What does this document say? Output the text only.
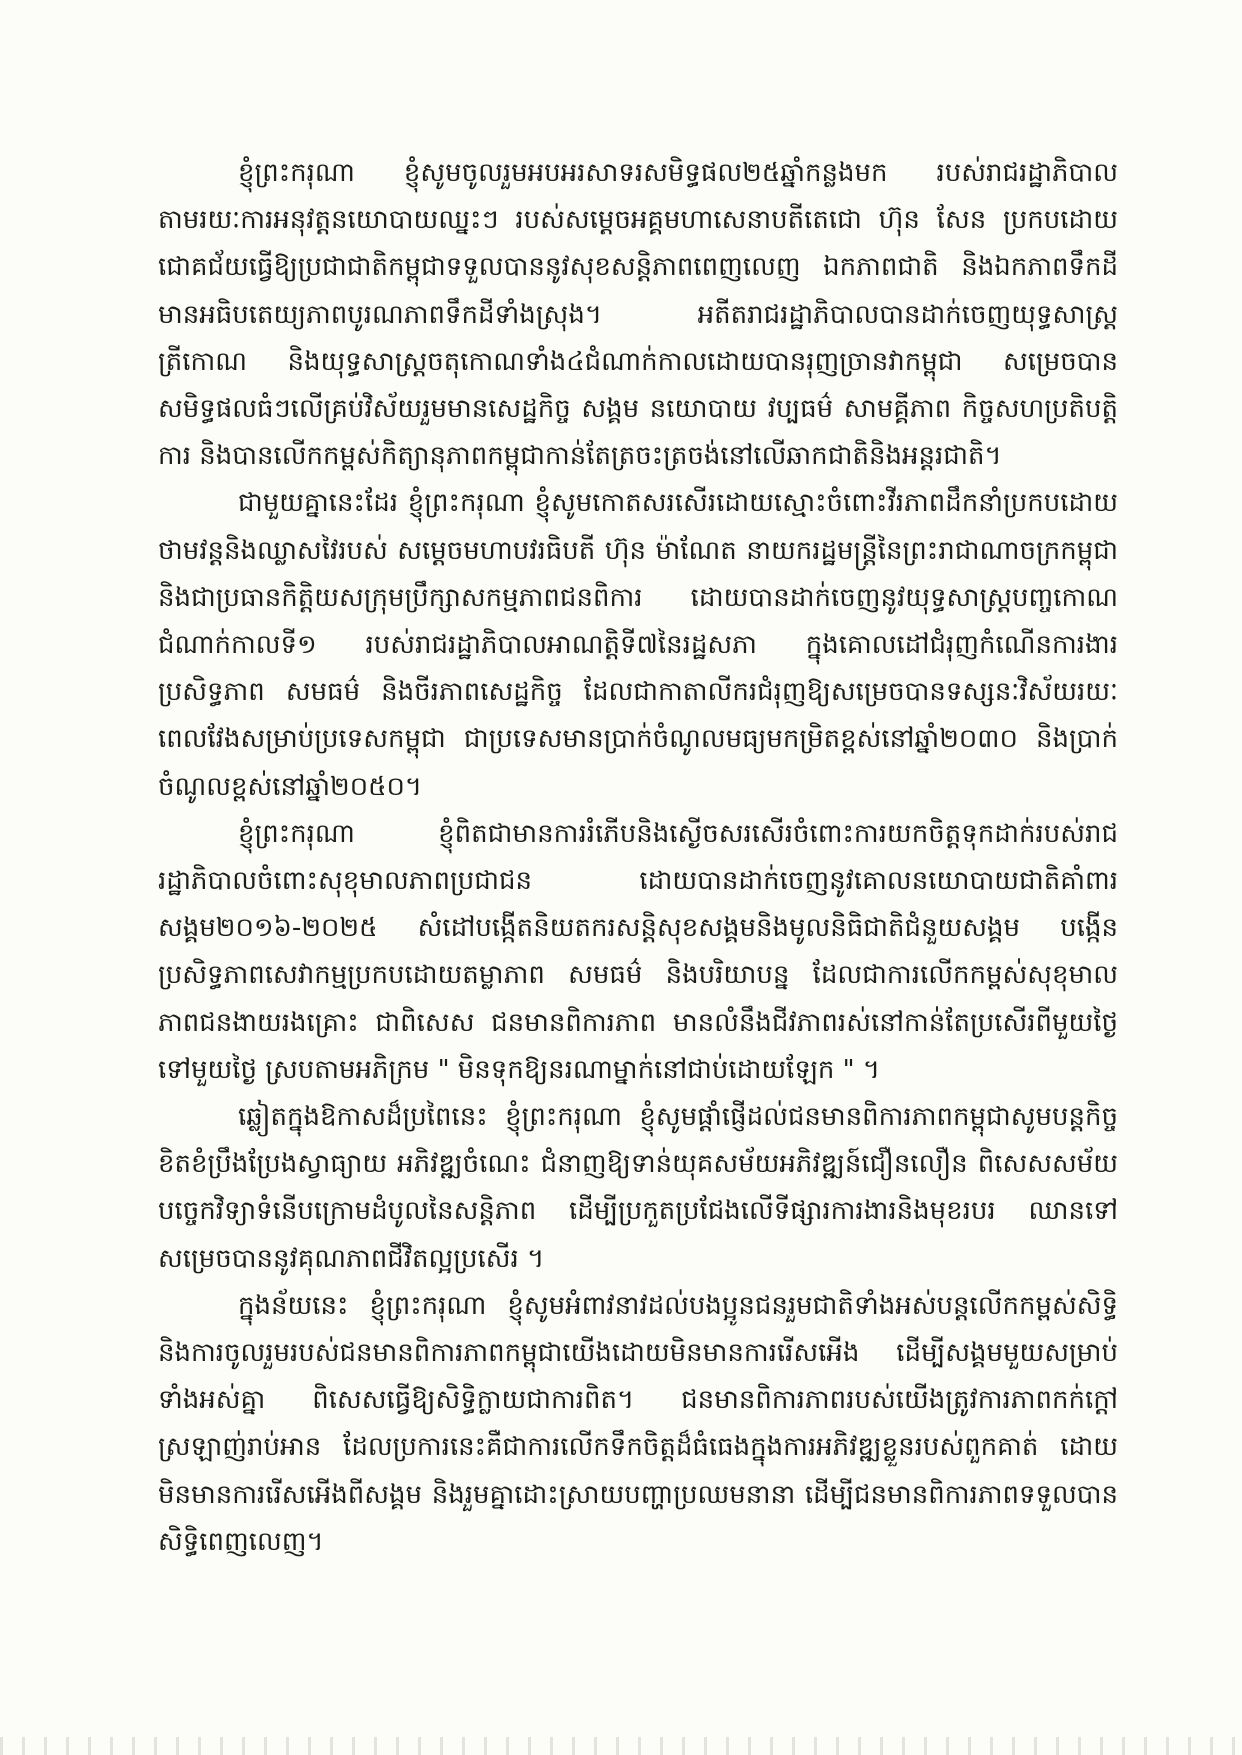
ខ្ញុំព្រះករុណា ខ្ញុំសូមចូលរួមអបអរសាទរសមិទ្ធផល២៥ឆ្នាំកន្លងមក របស់រាជរដ្ឋាភិបាលតាមរយៈការអនុវត្តនយោបាយឈ្នះៗ របស់សម្តេចអគ្គមហាសេនាបតីតេជោ ហ៊ុន សែន ប្រកបដោយជោគជ័យធ្វើឱ្យប្រជាជាតិកម្ពុជាទទួលបាននូវសុខសន្តិភាពពេញលេញ ឯកភាពជាតិ និងឯកភាពទឹកដី មានអធិបតេយ្យភាពបូរណភាពទឹកដីទាំងស្រុង។ អតីតរាជរដ្ឋាភិបាលបានដាក់ចេញយុទ្ធសាស្ត្រត្រីកោណ និងយុទ្ធសាស្ត្រចតុកោណទាំង៤ជំណាក់កាលដោយបានរុញច្រានវាកម្ពុជា សម្រេចបានសមិទ្ធផលធំៗលើគ្រប់វិស័យរួមមានសេដ្ឋកិច្ច សង្គម នយោបាយ វប្បធម៌ សាមគ្គីភាព កិច្ចសហប្រតិបត្តិការ និងបានលើកកម្ពស់កិត្យានុភាពកម្ពុជាកាន់តែត្រចះត្រចង់នៅលើឆាកជាតិនិងអន្តរជាតិ។

ជាមួយគ្នានេះដែរ ខ្ញុំព្រះករុណា ខ្ញុំសូមកោតសរសើរដោយស្មោះចំពោះវីរភាពដឹកនាំប្រកបដោយថាមវន្តនិងឈ្លាសវៃរបស់ សម្តេចមហាបវរធិបតី ហ៊ុន ម៉ាណែត នាយករដ្ឋមន្ត្រីនៃព្រះរាជាណាចក្រកម្ពុជា និងជាប្រធានកិត្តិយសក្រុមប្រឹក្សាសកម្មភាពជនពិការ ដោយបានដាក់ចេញនូវយុទ្ធសាស្ត្របញ្ចកោណ ជំណាក់កាលទី១ របស់រាជរដ្ឋាភិបាលអាណត្តិទី៧នៃរដ្ឋសភា ក្នុងគោលដៅជំរុញកំណើនការងារប្រសិទ្ធភាព សមធម៌ និងចីរភាពសេដ្ឋកិច្ច ដែលជាកាតាលីករជំរុញឱ្យសម្រេចបានទស្សនៈវិស័យរយៈពេលវែងសម្រាប់ប្រទេសកម្ពុជា ជាប្រទេសមានប្រាក់ចំណូលមធ្យមកម្រិតខ្ពស់នៅឆ្នាំ២០៣០ និងប្រាក់ចំណូលខ្ពស់នៅឆ្នាំ២០៥០។

ខ្ញុំព្រះករុណា ខ្ញុំពិតជាមានការរំភើបនិងស្ងើចសរសើរចំពោះការយកចិត្តទុកដាក់របស់រាជរដ្ឋាភិបាលចំពោះសុខុមាលភាពប្រជាជន ដោយបានដាក់ចេញនូវគោលនយោបាយជាតិគាំពារសង្គម២០១៦-២០២៥ សំដៅបង្កើតនិយតករសន្តិសុខសង្គមនិងមូលនិធិជាតិជំនួយសង្គម បង្កើនប្រសិទ្ធភាពសេវាកម្មប្រកបដោយតម្លាភាព សមធម៌ និងបរិយាបន្ន ដែលជាការលើកកម្ពស់សុខុមាលភាពជនងាយរងគ្រោះ ជាពិសេស ជនមានពិការភាព មានលំនឹងជីវភាពរស់នៅកាន់តែប្រសើរពីមួយថ្ងៃទៅមួយថ្ងៃ ស្របតាមអភិក្រម " មិនទុកឱ្យនរណាម្នាក់នៅជាប់ដោយឡែក " ។

ឆ្លៀតក្នុងឱកាសដ៏ប្រពៃនេះ ខ្ញុំព្រះករុណា ខ្ញុំសូមផ្តាំផ្ញើដល់ជនមានពិការភាពកម្ពុជាសូមបន្តកិច្ចខិតខំប្រឹងប្រែងស្វាធ្យាយ អភិវឌ្ឍចំណេះ ជំនាញឱ្យទាន់យុគសម័យអភិវឌ្ឍន៍ជឿនលឿន ពិសេសសម័យបច្ចេកវិទ្យាទំនើបក្រោមដំបូលនៃសន្តិភាព ដើម្បីប្រកួតប្រជែងលើទីផ្សារការងារនិងមុខរបរ ឈានទៅសម្រេចបាននូវគុណភាពជីវិតល្អប្រសើរ ។

ក្នុងន័យនេះ ខ្ញុំព្រះករុណា ខ្ញុំសូមអំពាវនាវដល់បងប្អូនជនរួមជាតិទាំងអស់បន្តលើកកម្ពស់សិទ្ធិ និងការចូលរួមរបស់ជនមានពិការភាពកម្ពុជាយើងដោយមិនមានការរើសអើង ដើម្បីសង្គមមួយសម្រាប់ទាំងអស់គ្នា ពិសេសធ្វើឱ្យសិទ្ធិក្លាយជាការពិត។ ជនមានពិការភាពរបស់យើងត្រូវការភាពកក់ក្តៅ ស្រឡាញ់រាប់អាន ដែលប្រការនេះគឺជាការលើកទឹកចិត្តដ៏ធំធេងក្នុងការអភិវឌ្ឍខ្លួនរបស់ពួកគាត់ ដោយមិនមានការរើសអើងពីសង្គម និងរួមគ្នាដោះស្រាយបញ្ហាប្រឈមនានា ដើម្បីជនមានពិការភាពទទួលបានសិទ្ធិពេញលេញ។
